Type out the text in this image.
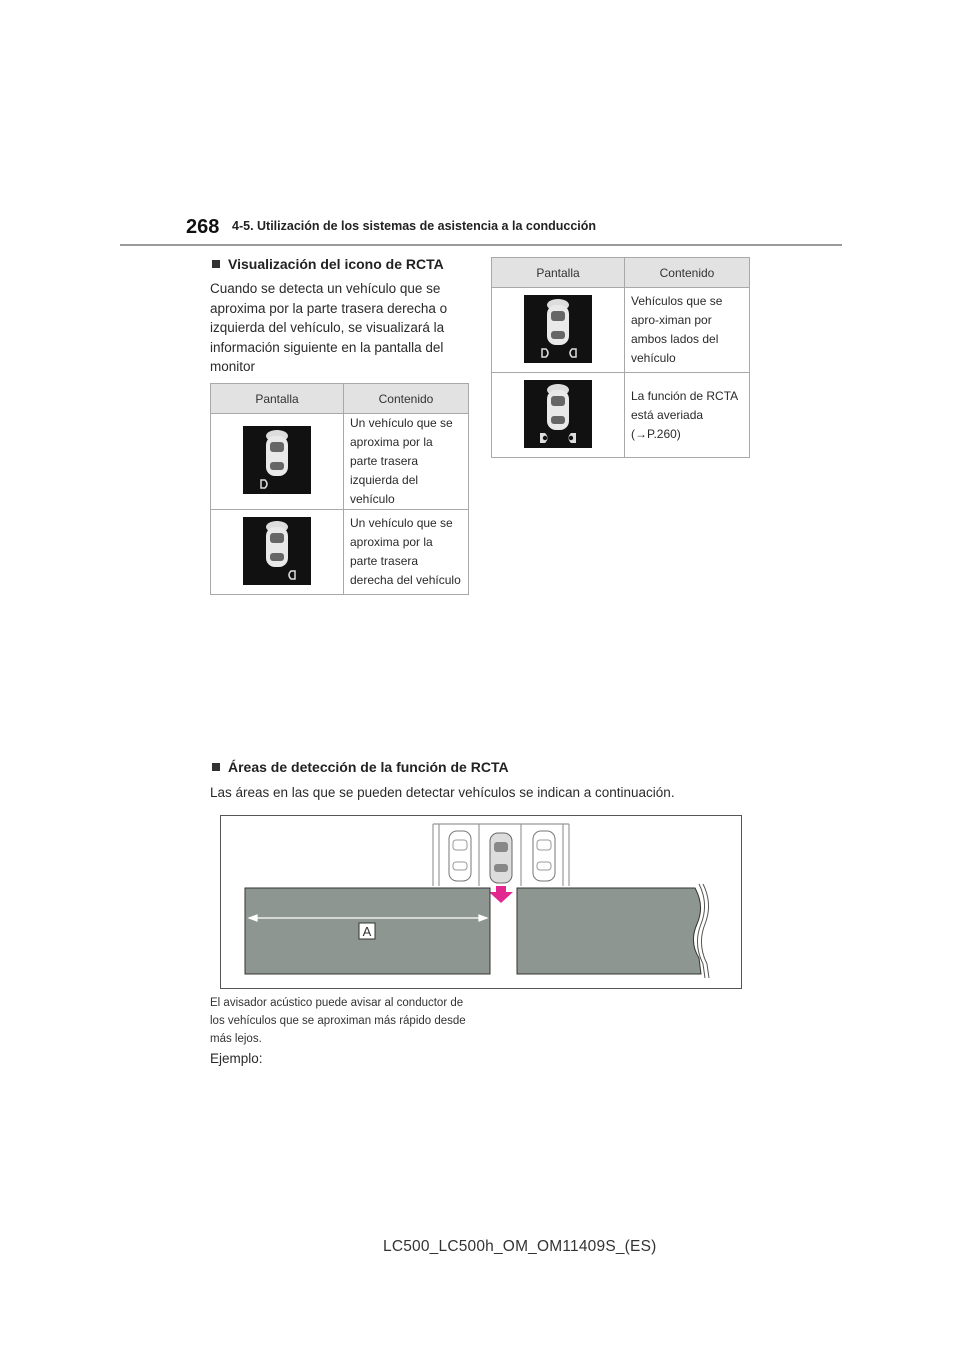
268 4-5. Utilización de los sistemas de asistencia a la conducción
Visualización del icono de RCTA
Cuando se detecta un vehículo que se aproxima por la parte trasera derecha o izquierda del vehículo, se visualizará la información siguiente en la pantalla del monitor
Pantalla	Contenido

	Un vehículo que se aproxima por la parte trasera izquierda del vehículo

	Un vehículo que se aproxima por la parte trasera derecha del vehículo
Pantalla	Contenido

	Vehículos que se apro-ximan por ambos lados del vehículo

La función de RCTA está averiada
(→P.260)
Áreas de detección de la función de RCTA
Las áreas en las que se pueden detectar vehículos se indican a continuación.
A
El avisador acústico puede avisar al conductor de los vehículos que se aproximan más rápido desde más lejos.
Ejemplo:
LC500_LC500h_OM_OM11409S_(ES)
